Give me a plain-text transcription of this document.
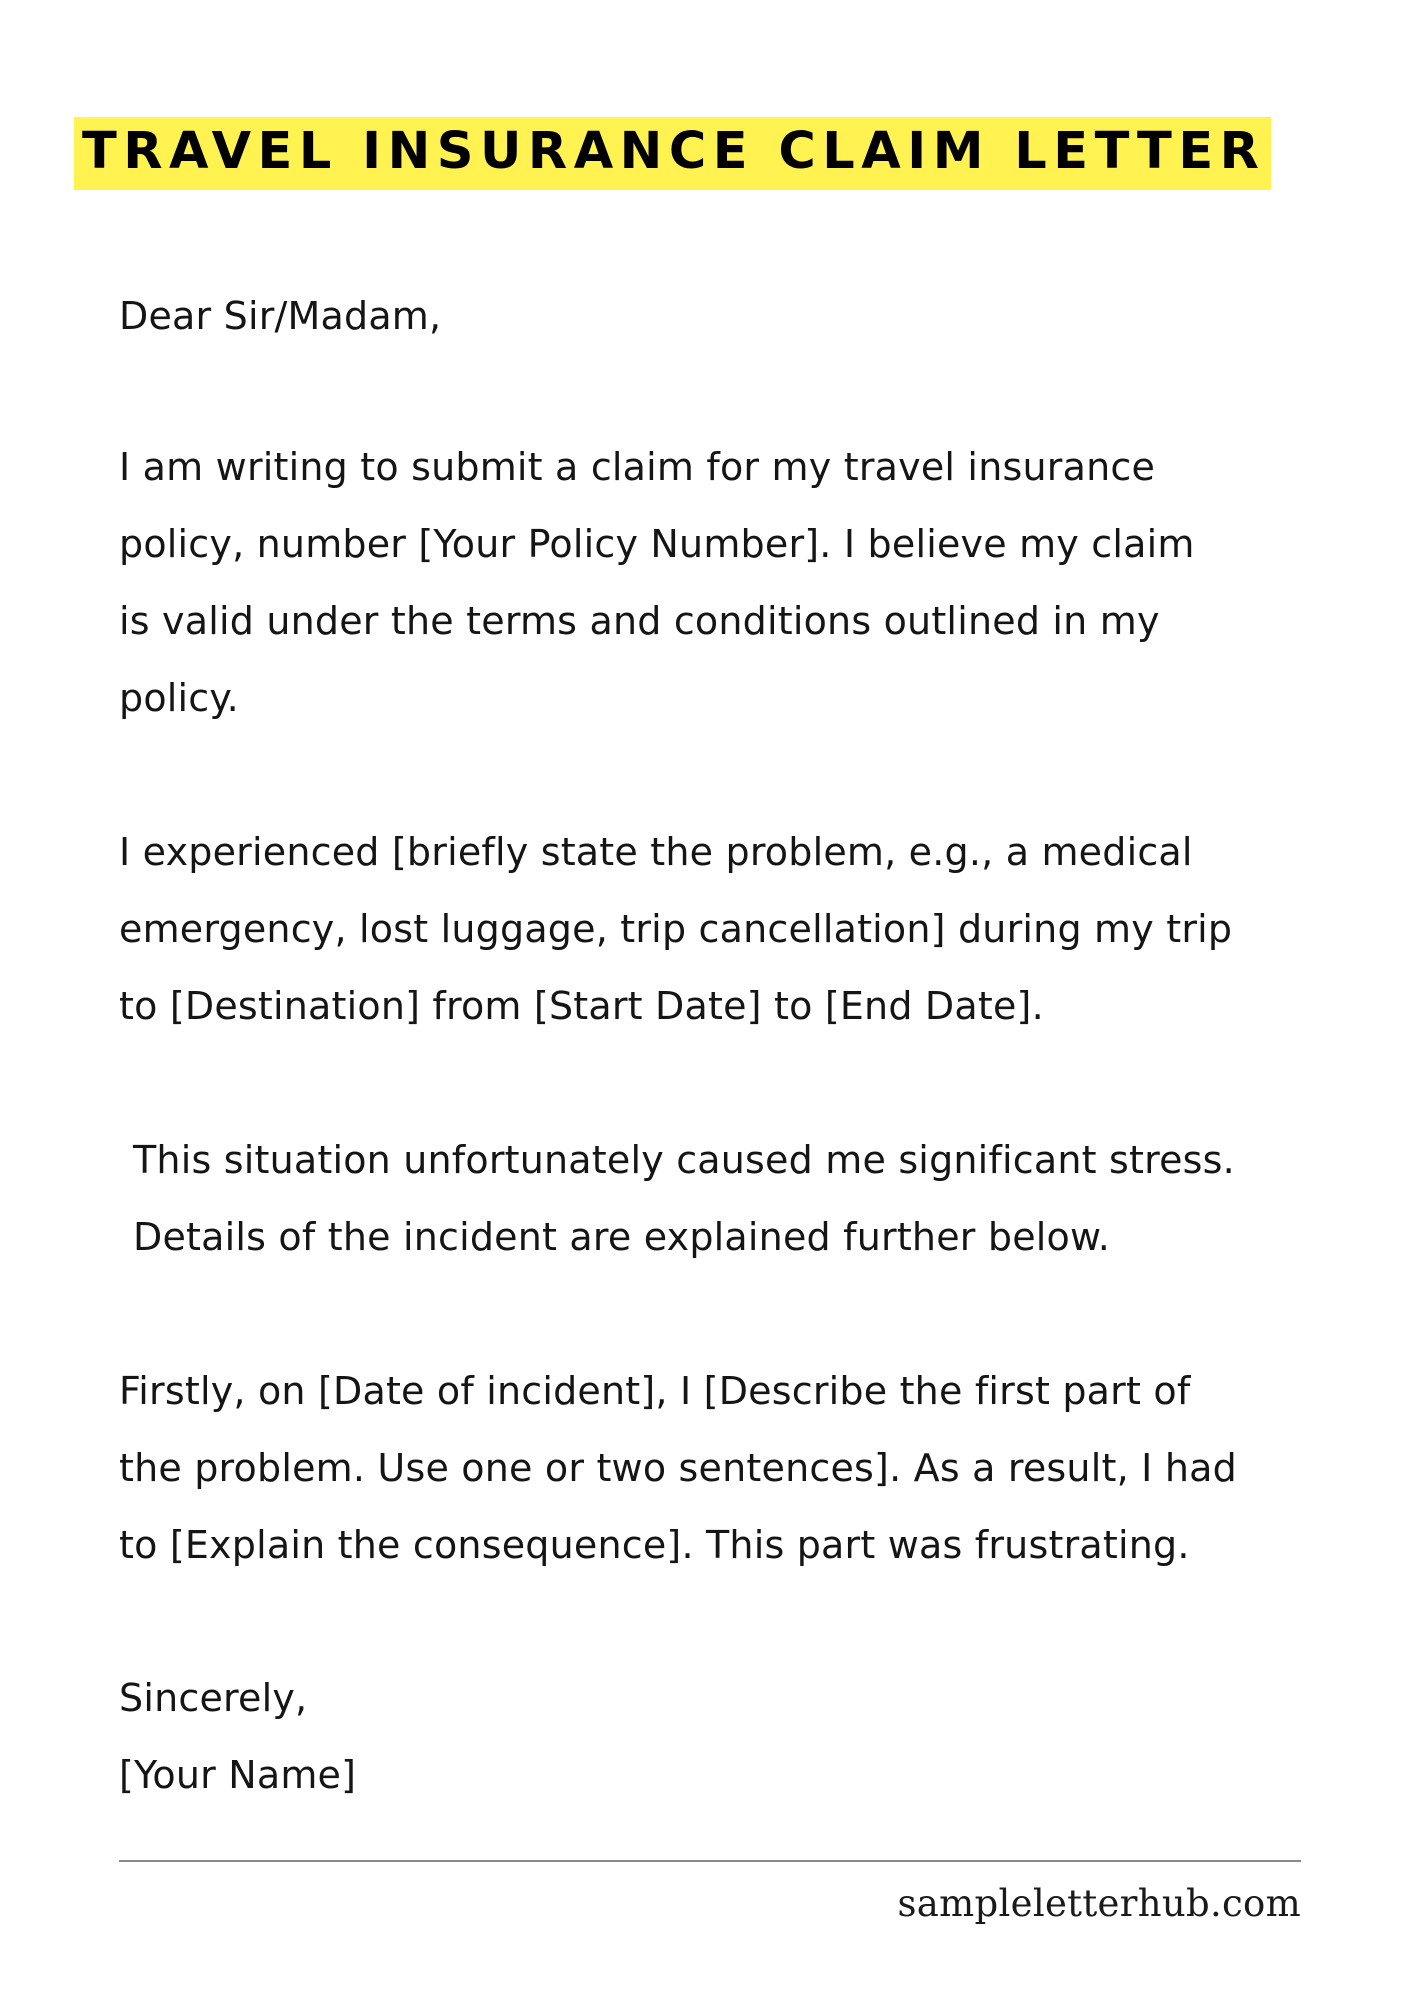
TRAVEL INSURANCE CLAIM LETTER
Dear Sir/Madam,
I am writing to submit a claim for my travel insurance
policy, number [Your Policy Number]. I believe my claim
is valid under the terms and conditions outlined in my
policy.
I experienced [briefly state the problem, e.g., a medical
emergency, lost luggage, trip cancellation] during my trip
to [Destination] from [Start Date] to [End Date].
This situation unfortunately caused me significant stress.
Details of the incident are explained further below.
Firstly, on [Date of incident], I [Describe the first part of
the problem. Use one or two sentences]. As a result, I had
to [Explain the consequence]. This part was frustrating.
Sincerely,
[Your Name]
sampleletterhub.com
